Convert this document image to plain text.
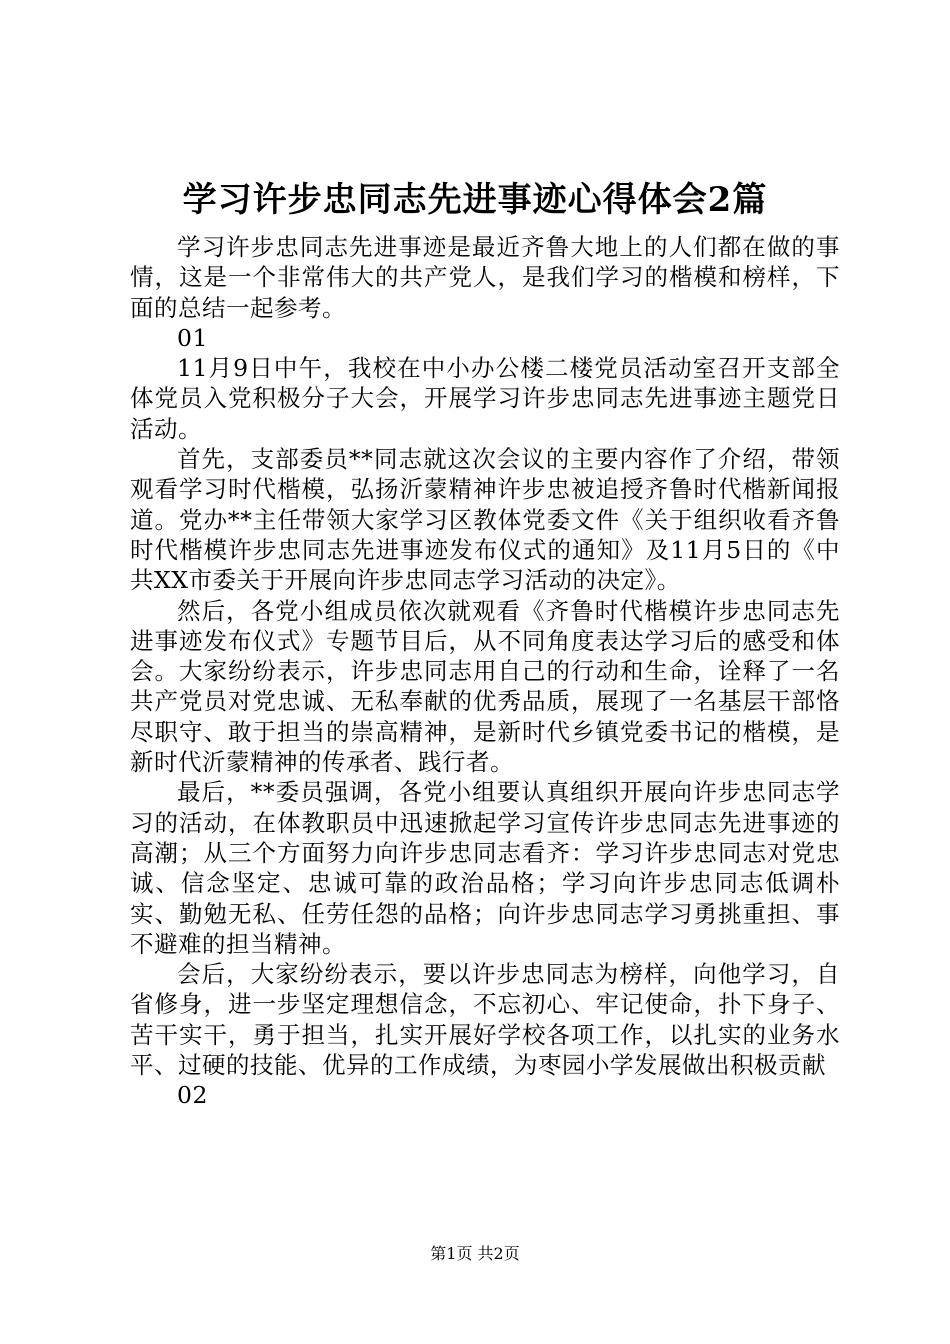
学习许步忠同志先进事迹心得体会2篇

学习许步忠同志先进事迹是最近齐鲁大地上的人们都在做的事情，这是一个非常伟大的共产党人，是我们学习的楷模和榜样，下面的总结一起参考。

01

11月9日中午，我校在中小办公楼二楼党员活动室召开支部全体党员入党积极分子大会，开展学习许步忠同志先进事迹主题党日活动。

首先，支部委员**同志就这次会议的主要内容作了介绍，带领观看学习时代楷模，弘扬沂蒙精神许步忠被追授齐鲁时代楷新闻报道。党办**主任带领大家学习区教体党委文件《关于组织收看齐鲁时代楷模许步忠同志先进事迹发布仪式的通知》及11月5日的《中共XX市委关于开展向许步忠同志学习活动的决定》。

然后，各党小组成员依次就观看《齐鲁时代楷模许步忠同志先进事迹发布仪式》专题节目后，从不同角度表达学习后的感受和体会。大家纷纷表示，许步忠同志用自己的行动和生命，诠释了一名共产党员对党忠诚、无私奉献的优秀品质，展现了一名基层干部恪尽职守、敢于担当的崇高精神，是新时代乡镇党委书记的楷模，是新时代沂蒙精神的传承者、践行者。

最后，**委员强调，各党小组要认真组织开展向许步忠同志学习的活动，在体教职员中迅速掀起学习宣传许步忠同志先进事迹的高潮；从三个方面努力向许步忠同志看齐：学习许步忠同志对党忠诚、信念坚定、忠诚可靠的政治品格；学习向许步忠同志低调朴实、勤勉无私、任劳任怨的品格；向许步忠同志学习勇挑重担、事不避难的担当精神。

会后，大家纷纷表示，要以许步忠同志为榜样，向他学习，自省修身，进一步坚定理想信念，不忘初心、牢记使命，扑下身子、苦干实干，勇于担当，扎实开展好学校各项工作，以扎实的业务水平、过硬的技能、优异的工作成绩，为枣园小学发展做出积极贡献

02

第1页 共2页
